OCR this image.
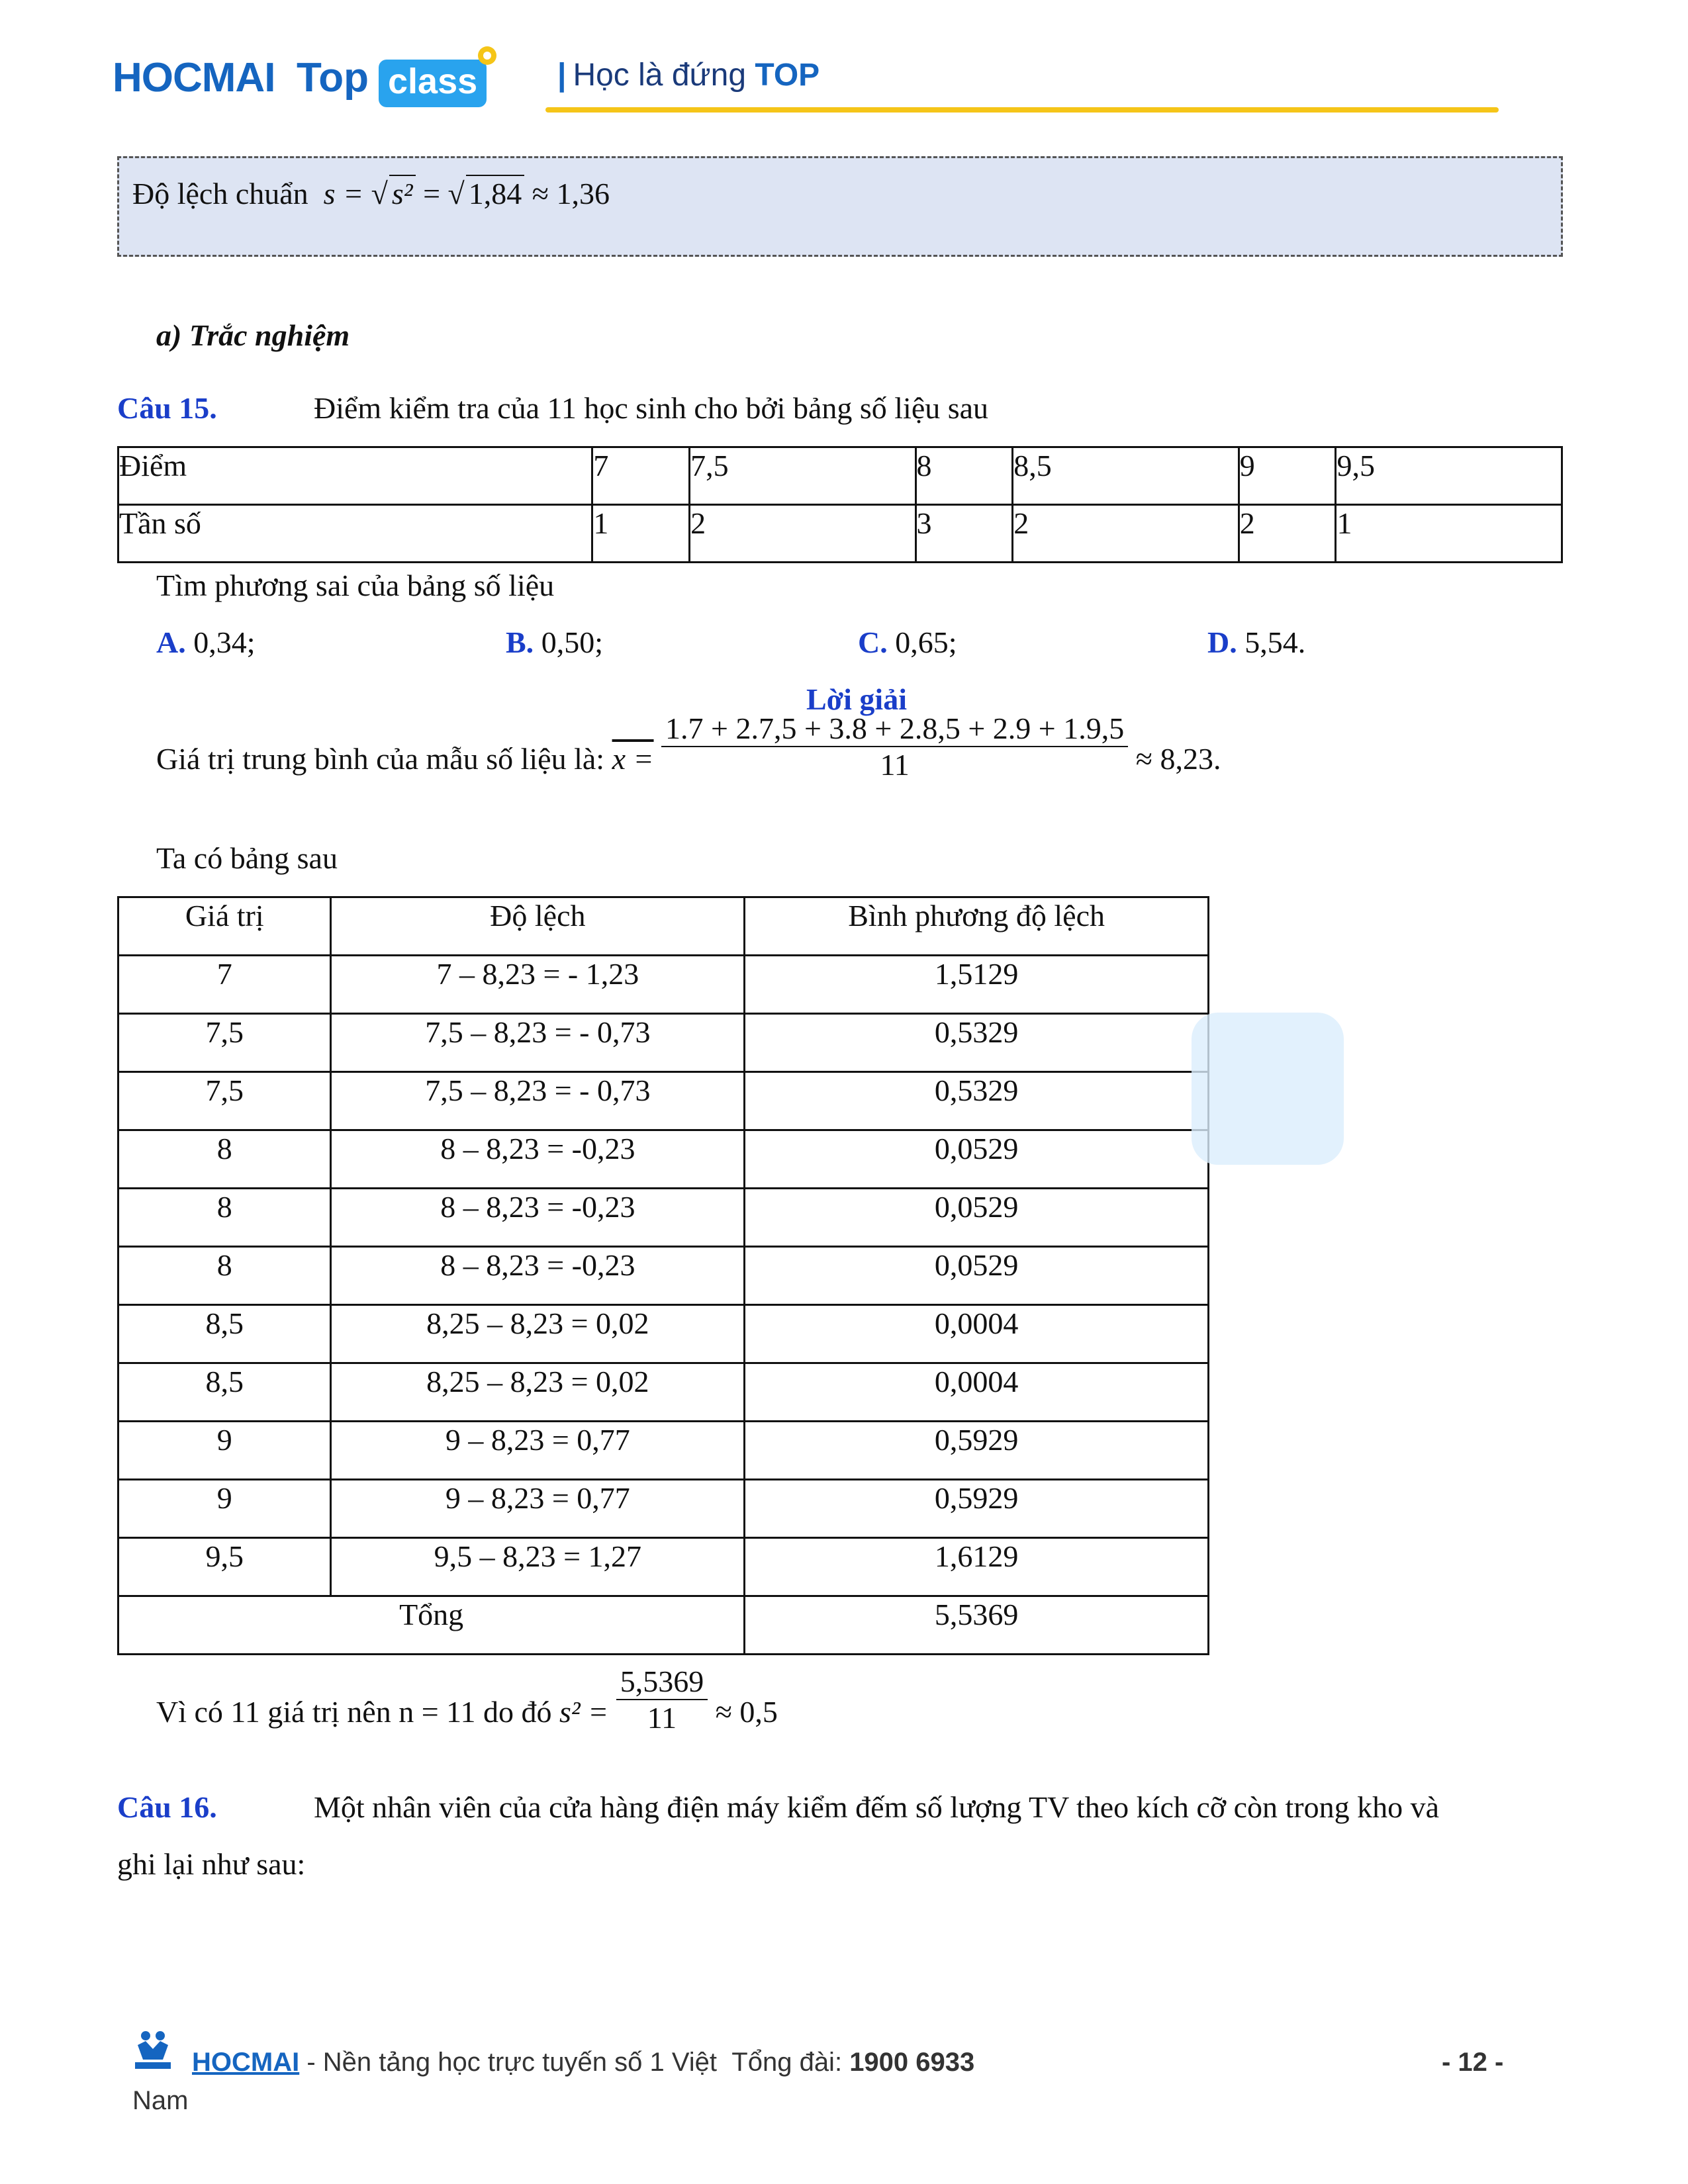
HOCMAI Top class	| Học là đứng TOP
Độ lệch chuẩn s = √ s² = √ 1,84 ≈ 1,36
a) Trắc nghiệm
Câu 15.	Điểm kiểm tra của 11 học sinh cho bởi bảng số liệu sau
Điểm	7	7,5	8	8,5	9	9,5
Tần số	1	2	3	2	2	1
Tìm phương sai của bảng số liệu
A. 0,34;	B. 0,50;	C. 0,65;	D. 5,54.
Lời giải
Giá trị trung bình của mẫu số liệu là: $x = \frac{1.7 + 2.7,5 + 3.8 + 2.8,5 + 2.9 + 1.9,5}{11} \approx 8,23$.
Ta có bảng sau
Giá trị	Độ lệch	Bình phương độ lệch
7	7 – 8,23 = - 1,23	1,5129
7,5	7,5 – 8,23 = - 0,73	0,5329
7,5	7,5 – 8,23 = - 0,73	0,5329
8	8 – 8,23 = -0,23	0,0529
8	8 – 8,23 = -0,23	0,0529
8	8 – 8,23 = -0,23	0,0529
8,5	8,25 – 8,23 = 0,02	0,0004
8,5	8,25 – 8,23 = 0,02	0,0004
9	9 – 8,23 = 0,77	0,5929
9	9 – 8,23 = 0,77	0,5929
9,5	9,5 – 8,23 = 1,27	1,6129
Tổng		5,5369
Vì có 11 giá trị nên n = 11 do đó $s^2 = \frac{5,5369}{11} \approx 0,5$
Câu 16.	Một nhân viên của cửa hàng điện máy kiểm đếm số lượng TV theo kích cỡ còn trong kho và
ghi lại như sau:
HOCMAI - Nền tảng học trực tuyến số 1 Việt Tổng đài: 1900 6933
Nam
- 12 -
